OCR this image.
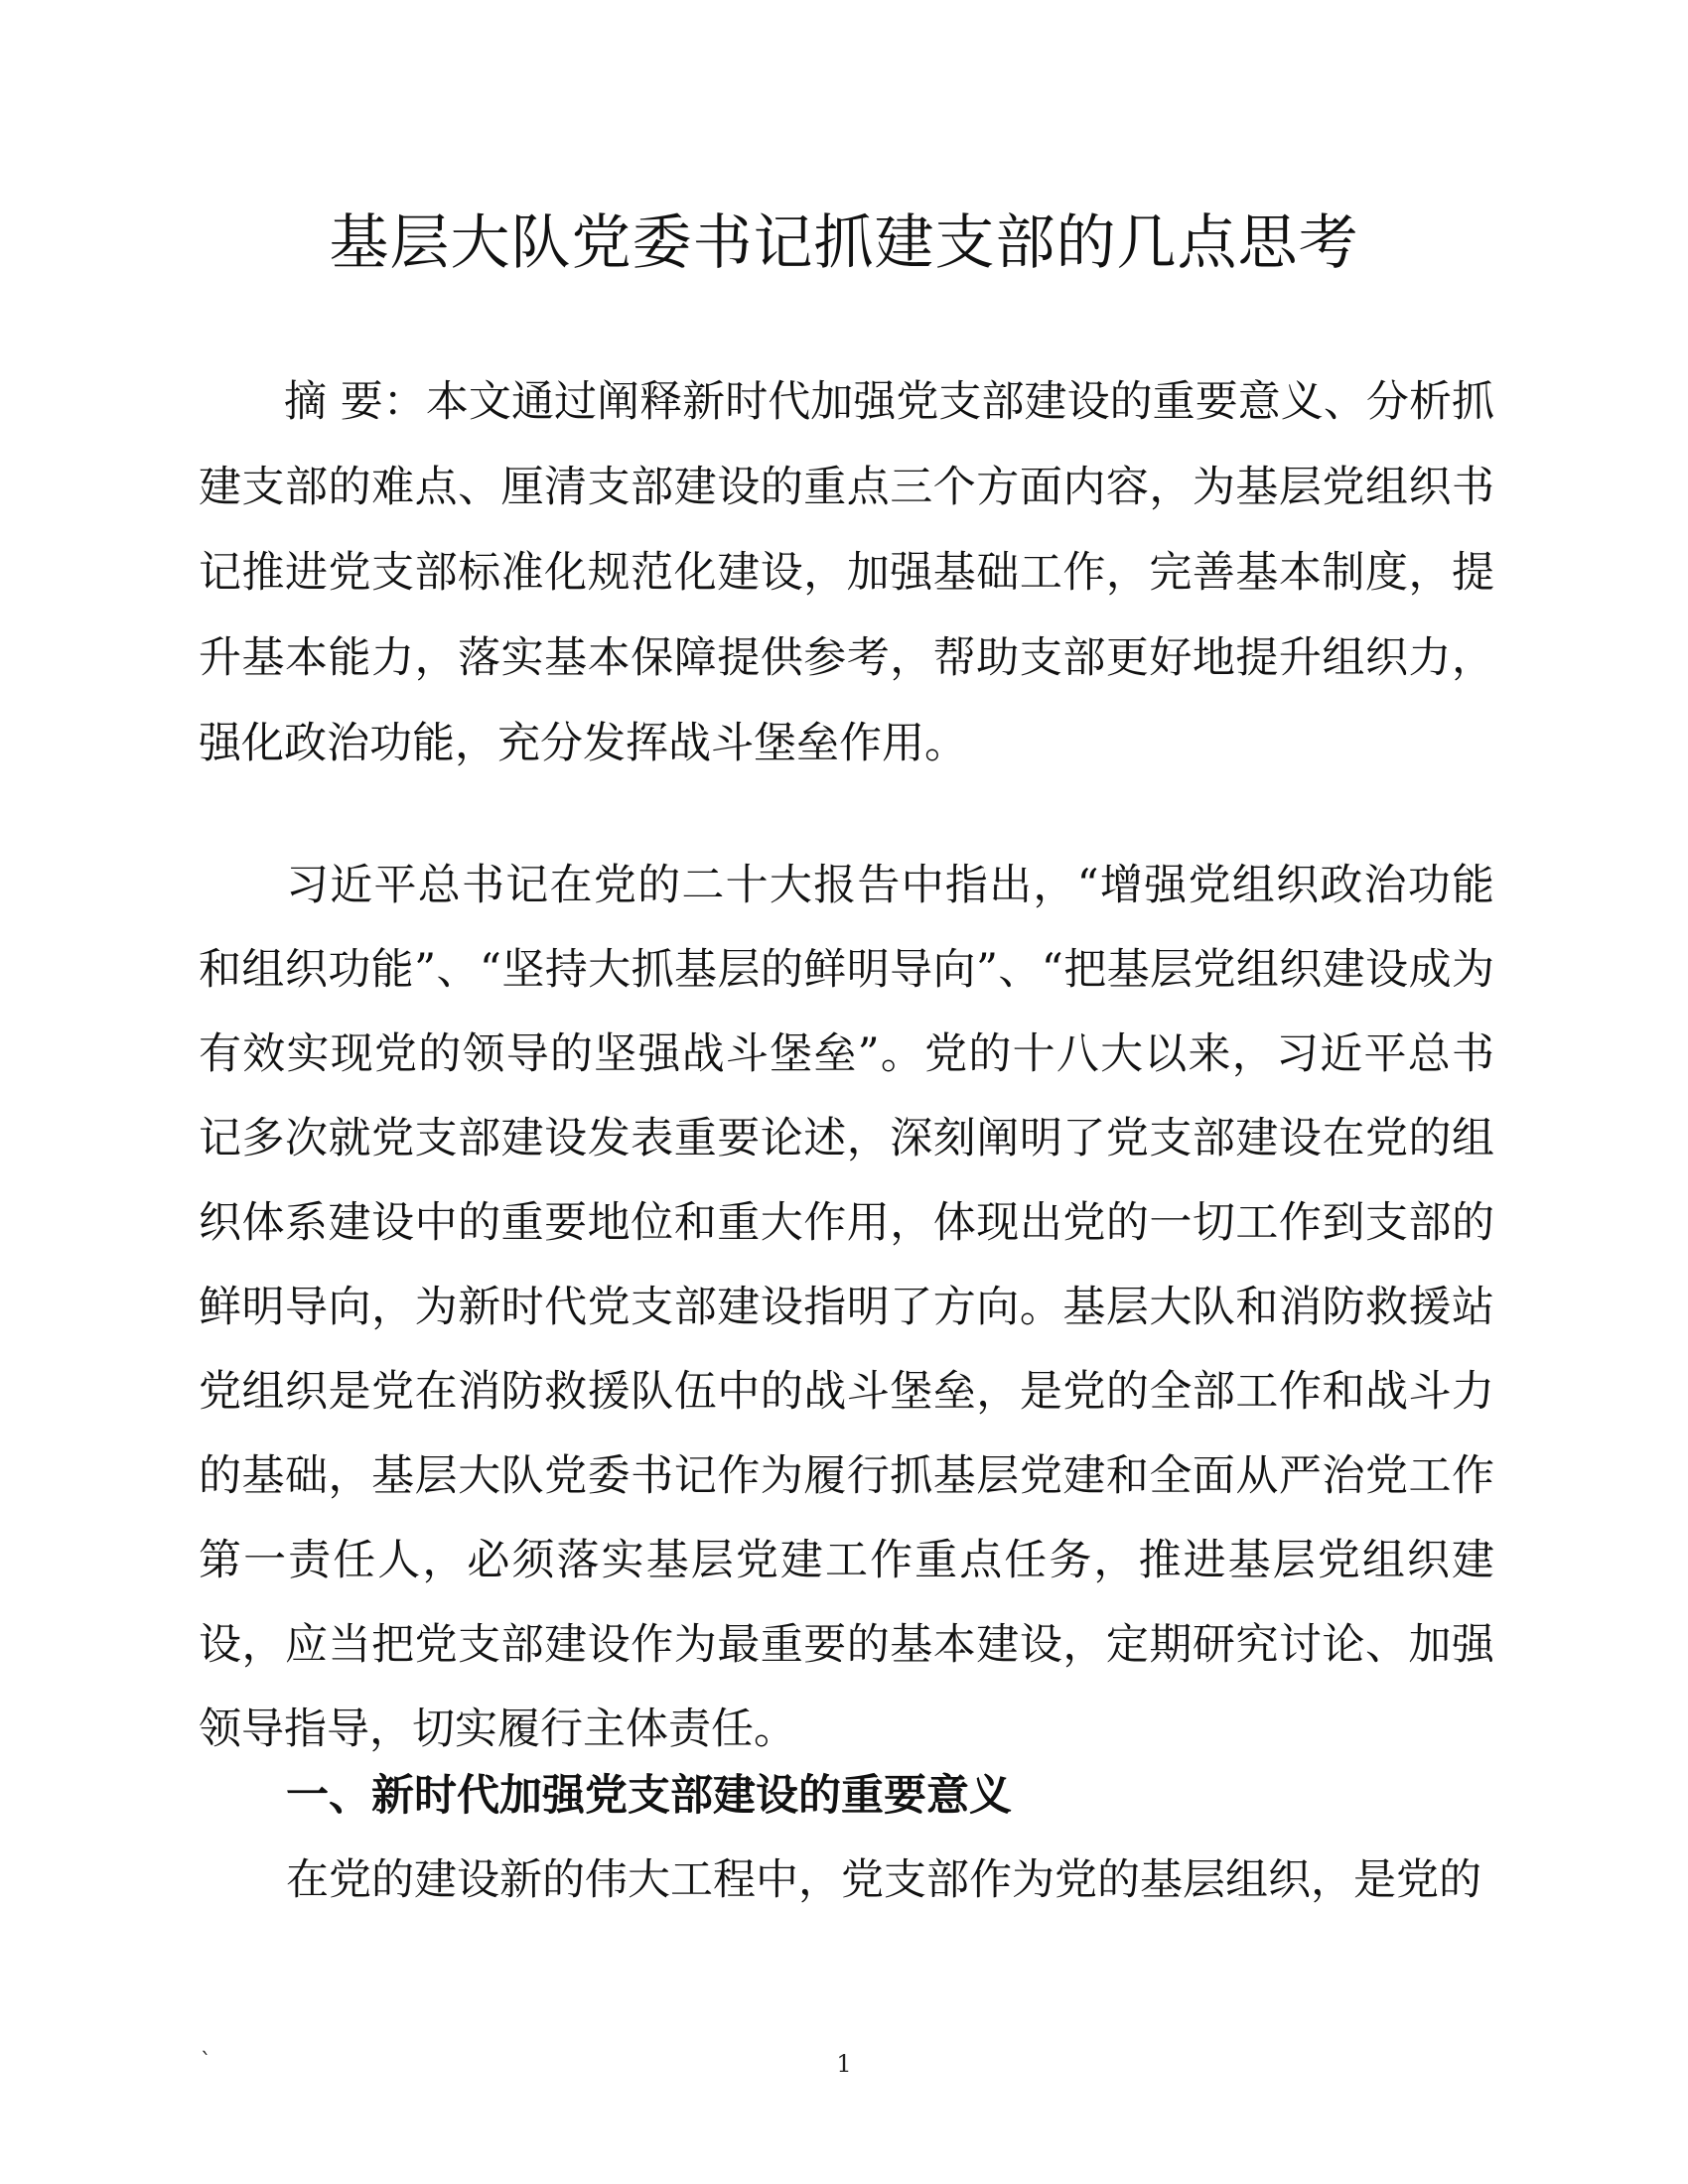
基层大队党委书记抓建支部的几点思考

摘 要：本文通过阐释新时代加强党支部建设的重要意义、分析抓建支部的难点、厘清支部建设的重点三个方面内容，为基层党组织书记推进党支部标准化规范化建设，加强基础工作，完善基本制度，提升基本能力，落实基本保障提供参考，帮助支部更好地提升组织力，强化政治功能，充分发挥战斗堡垒作用。

习近平总书记在党的二十大报告中指出，“增强党组织政治功能和组织功能”、“坚持大抓基层的鲜明导向”、“把基层党组织建设成为有效实现党的领导的坚强战斗堡垒”。党的十八大以来，习近平总书记多次就党支部建设发表重要论述，深刻阐明了党支部建设在党的组织体系建设中的重要地位和重大作用，体现出党的一切工作到支部的鲜明导向，为新时代党支部建设指明了方向。基层大队和消防救援站党组织是党在消防救援队伍中的战斗堡垒，是党的全部工作和战斗力的基础，基层大队党委书记作为履行抓基层党建和全面从严治党工作第一责任人，必须落实基层党建工作重点任务，推进基层党组织建设，应当把党支部建设作为最重要的基本建设，定期研究讨论、加强领导指导，切实履行主体责任。

一、新时代加强党支部建设的重要意义

在党的建设新的伟大工程中，党支部作为党的基层组织，是党的

`	1
